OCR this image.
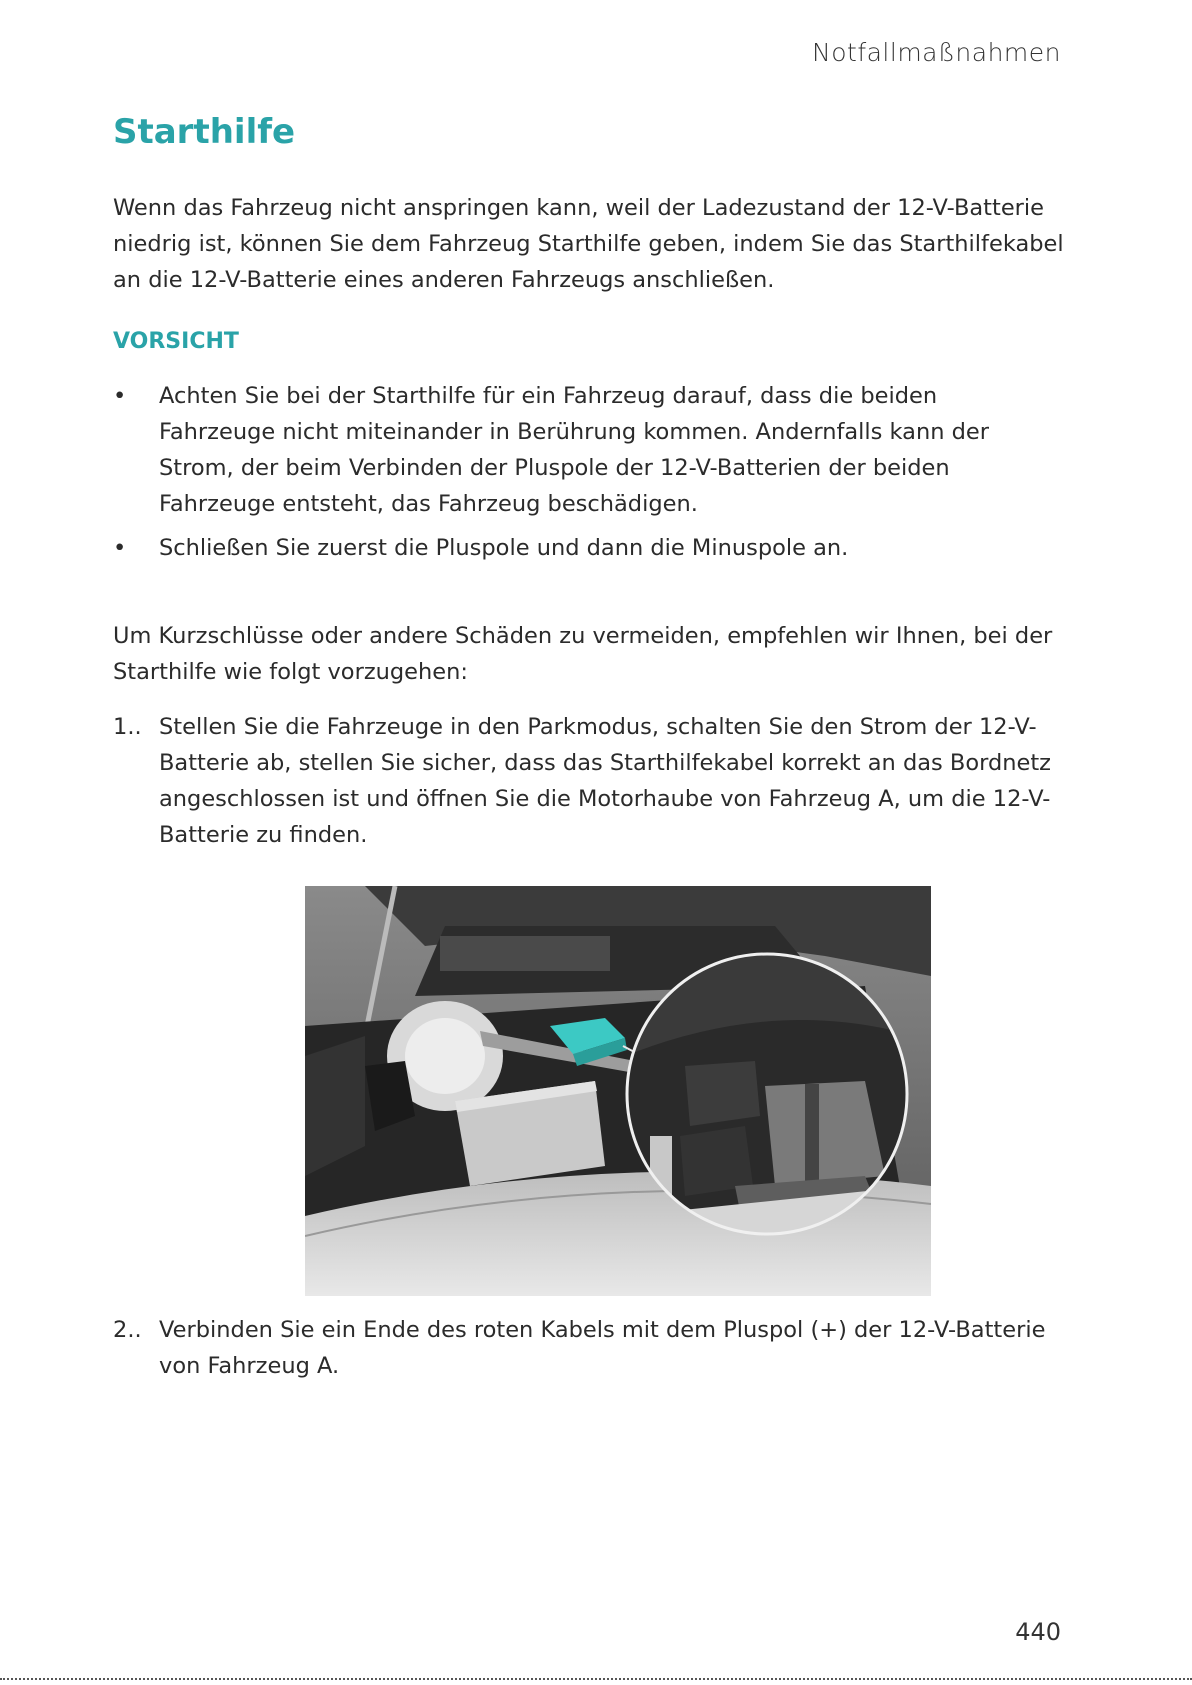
Notfallmaßnahmen
Starthilfe

Wenn das Fahrzeug nicht anspringen kann, weil der Ladezustand der 12-V-Batterie niedrig ist, können Sie dem Fahrzeug Starthilfe geben, indem Sie das Starthilfekabel an die 12-V-Batterie eines anderen Fahrzeugs anschließen.

VORSICHT
• Achten Sie bei der Starthilfe für ein Fahrzeug darauf, dass die beiden Fahrzeuge nicht miteinander in Berührung kommen. Andernfalls kann der Strom, der beim Verbinden der Pluspole der 12-V-Batterien der beiden Fahrzeuge entsteht, das Fahrzeug beschädigen.
• Schließen Sie zuerst die Pluspole und dann die Minuspole an.

Um Kurzschlüsse oder andere Schäden zu vermeiden, empfehlen wir Ihnen, bei der Starthilfe wie folgt vorzugehen:

1.. Stellen Sie die Fahrzeuge in den Parkmodus, schalten Sie den Strom der 12-V-Batterie ab, stellen Sie sicher, dass das Starthilfekabel korrekt an das Bordnetz angeschlossen ist und öffnen Sie die Motorhaube von Fahrzeug A, um die 12-V-Batterie zu finden.
2.. Verbinden Sie ein Ende des roten Kabels mit dem Pluspol (+) der 12-V-Batterie von Fahrzeug A.
440
